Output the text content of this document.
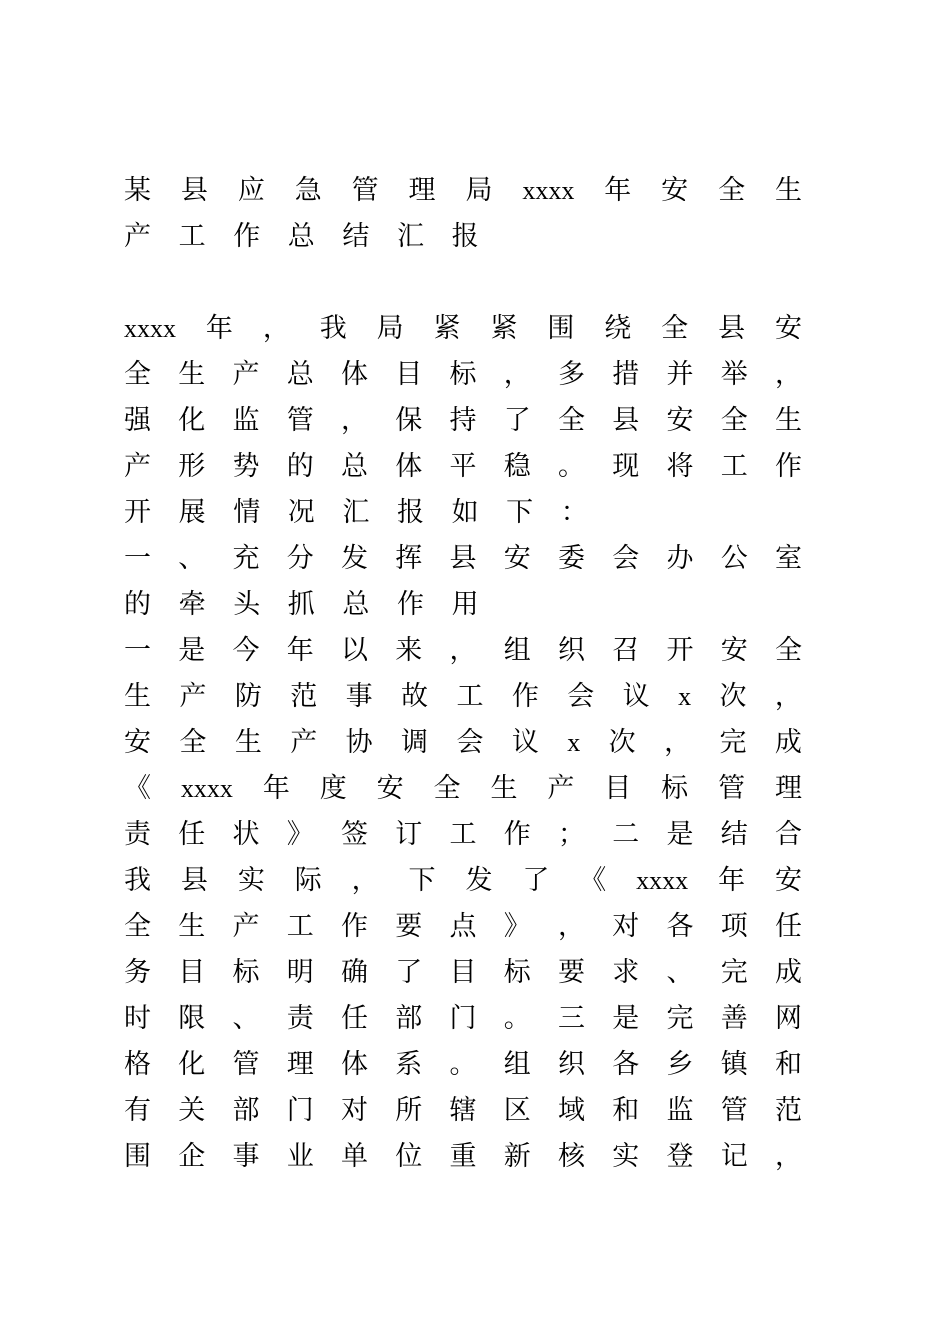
某 县 应 急 管 理 局 xxxx 年 安 全 生
产 工 作 总 结 汇 报
xxxx 年 ， 我 局 紧 紧 围 绕 全 县 安
全 生 产 总 体 目 标 ， 多 措 并 举 ，
强 化 监 管 ， 保 持 了 全 县 安 全 生
产 形 势 的 总 体 平 稳 。 现 将 工 作
开 展 情 况 汇 报 如 下 ：
一 、 充 分 发 挥 县 安 委 会 办 公 室
的 牵 头 抓 总 作 用
一 是 今 年 以 来 ， 组 织 召 开 安 全
生 产 防 范 事 故 工 作 会 议 x 次 ，
安 全 生 产 协 调 会 议 x 次 ， 完 成
《 xxxx 年 度 安 全 生 产 目 标 管 理
责 任 状 》 签 订 工 作 ； 二 是 结 合
我 县 实 际 ， 下 发 了 《 xxxx 年 安
全 生 产 工 作 要 点 》 ， 对 各 项 任
务 目 标 明 确 了 目 标 要 求 、 完 成
时 限 、 责 任 部 门 。 三 是 完 善 网
格 化 管 理 体 系 。 组 织 各 乡 镇 和
有 关 部 门 对 所 辖 区 域 和 监 管 范
围 企 事 业 单 位 重 新 核 实 登 记 ，
